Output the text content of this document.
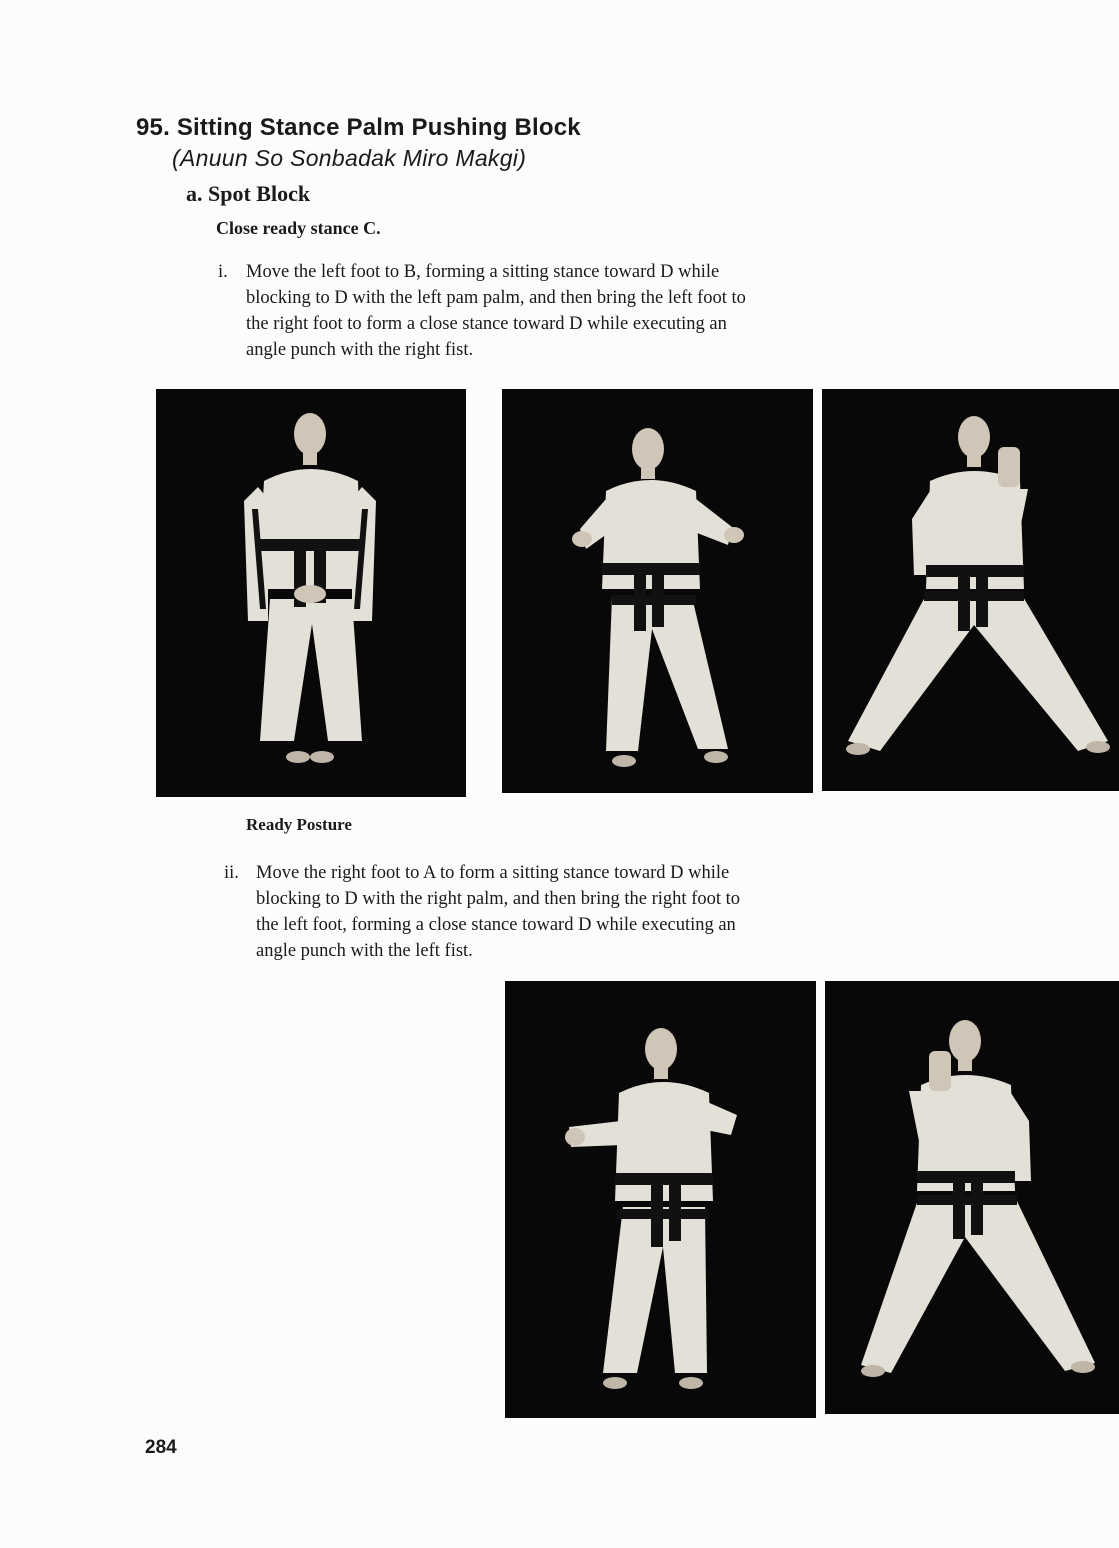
95. Sitting Stance Palm Pushing Block
(Anuun So Sonbadak Miro Makgi)
a. Spot Block
Close ready stance C.
i. Move the left foot to B, forming a sitting stance toward D while
blocking to D with the left pam palm, and then bring the left foot to
the right foot to form a close stance toward D while executing an
angle punch with the right fist.
Ready Posture
ii. Move the right foot to A to form a sitting stance toward D while
blocking to D with the right palm, and then bring the right foot to
the left foot, forming a close stance toward D while executing an
angle punch with the left fist.
284
